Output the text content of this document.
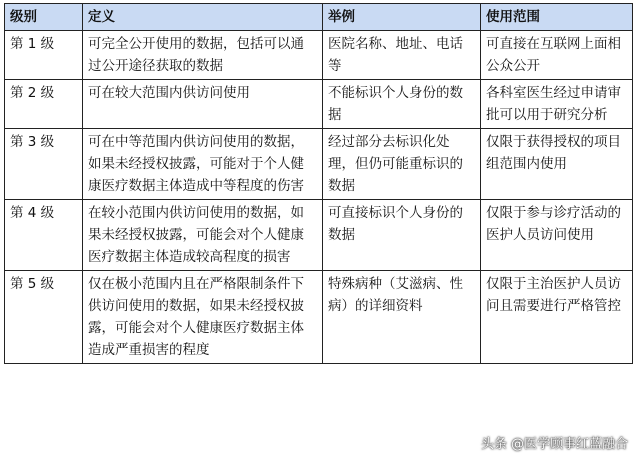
级别	定义	举例	使用范围
第 1 级	可完全公开使用的数据，包括可以通过公开途径获取的数据	医院名称、地址、电话等	可直接在互联网上面相公众公开
第 2 级	可在较大范围内供访问使用	不能标识个人身份的数据	各科室医生经过申请审批可以用于研究分析
第 3 级	可在中等范围内供访问使用的数据，如果未经授权披露，可能对于个人健康医疗数据主体造成中等程度的伤害	经过部分去标识化处理，但仍可能重标识的数据	仅限于获得授权的项目组范围内使用
第 4 级	在较小范围内供访问使用的数据，如果未经授权披露，可能会对个人健康医疗数据主体造成较高程度的损害	可直接标识个人身份的数据	仅限于参与诊疗活动的医护人员访问使用
第 5 级	仅在极小范围内且在严格限制条件下供访问使用的数据，如果未经授权披露，可能会对个人健康医疗数据主体造成严重损害的程度	特殊病种（艾滋病、性病）的详细资料	仅限于主治医护人员访问且需要进行严格管控
头条 @医学顾事红蓝融合
